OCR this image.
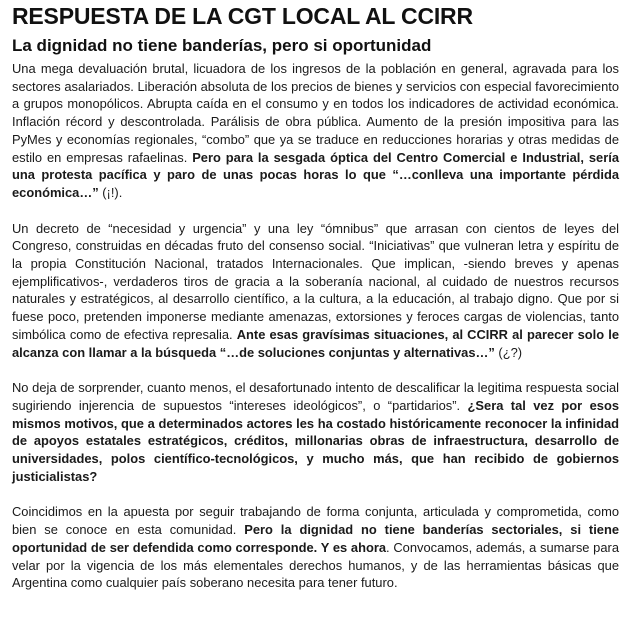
RESPUESTA DE LA CGT LOCAL AL CCIRR
La dignidad no tiene banderías, pero si oportunidad

Una mega devaluación brutal, licuadora de los ingresos de la población en general, agravada para los sectores asalariados. Liberación absoluta de los precios de bienes y servicios con especial favorecimiento a grupos monopólicos. Abrupta caída en el consumo y en todos los indicadores de actividad económica. Inflación récord y descontrolada. Parálisis de obra pública. Aumento de la presión impositiva para las PyMes y economías regionales, “combo” que ya se traduce en reducciones horarias y otras medidas de estilo en empresas rafaelinas. Pero para la sesgada óptica del Centro Comercial e Industrial, sería una protesta pacífica y paro de unas pocas horas lo que “…conlleva una importante pérdida económica…” (¡!).

Un decreto de “necesidad y urgencia” y una ley “ómnibus” que arrasan con cientos de leyes del Congreso, construidas en décadas fruto del consenso social. “Iniciativas” que vulneran letra y espíritu de la propia Constitución Nacional, tratados Internacionales. Que implican, -siendo breves y apenas ejemplificativos-, verdaderos tiros de gracia a la soberanía nacional, al cuidado de nuestros recursos naturales y estratégicos, al desarrollo científico, a la cultura, a la educación, al trabajo digno. Que por si fuese poco, pretenden imponerse mediante amenazas, extorsiones y feroces cargas de violencias, tanto simbólica como de efectiva represalia. Ante esas gravísimas situaciones, al CCIRR al parecer solo le alcanza con llamar a la búsqueda “…de soluciones conjuntas y alternativas…” (¿?)

No deja de sorprender, cuanto menos, el desafortunado intento de descalificar la legitima respuesta social sugiriendo injerencia de supuestos “intereses ideológicos”, o “partidarios”. ¿Sera tal vez por esos mismos motivos, que a determinados actores les ha costado históricamente reconocer la infinidad de apoyos estatales estratégicos, créditos, millonarias obras de infraestructura, desarrollo de universidades, polos científico-tecnológicos, y mucho más, que han recibido de gobiernos justicialistas?

Coincidimos en la apuesta por seguir trabajando de forma conjunta, articulada y comprometida, como bien se conoce en esta comunidad. Pero la dignidad no tiene banderías sectoriales, si tiene oportunidad de ser defendida como corresponde. Y es ahora. Convocamos, además, a sumarse para velar por la vigencia de los más elementales derechos humanos, y de las herramientas básicas que Argentina como cualquier país soberano necesita para tener futuro.
